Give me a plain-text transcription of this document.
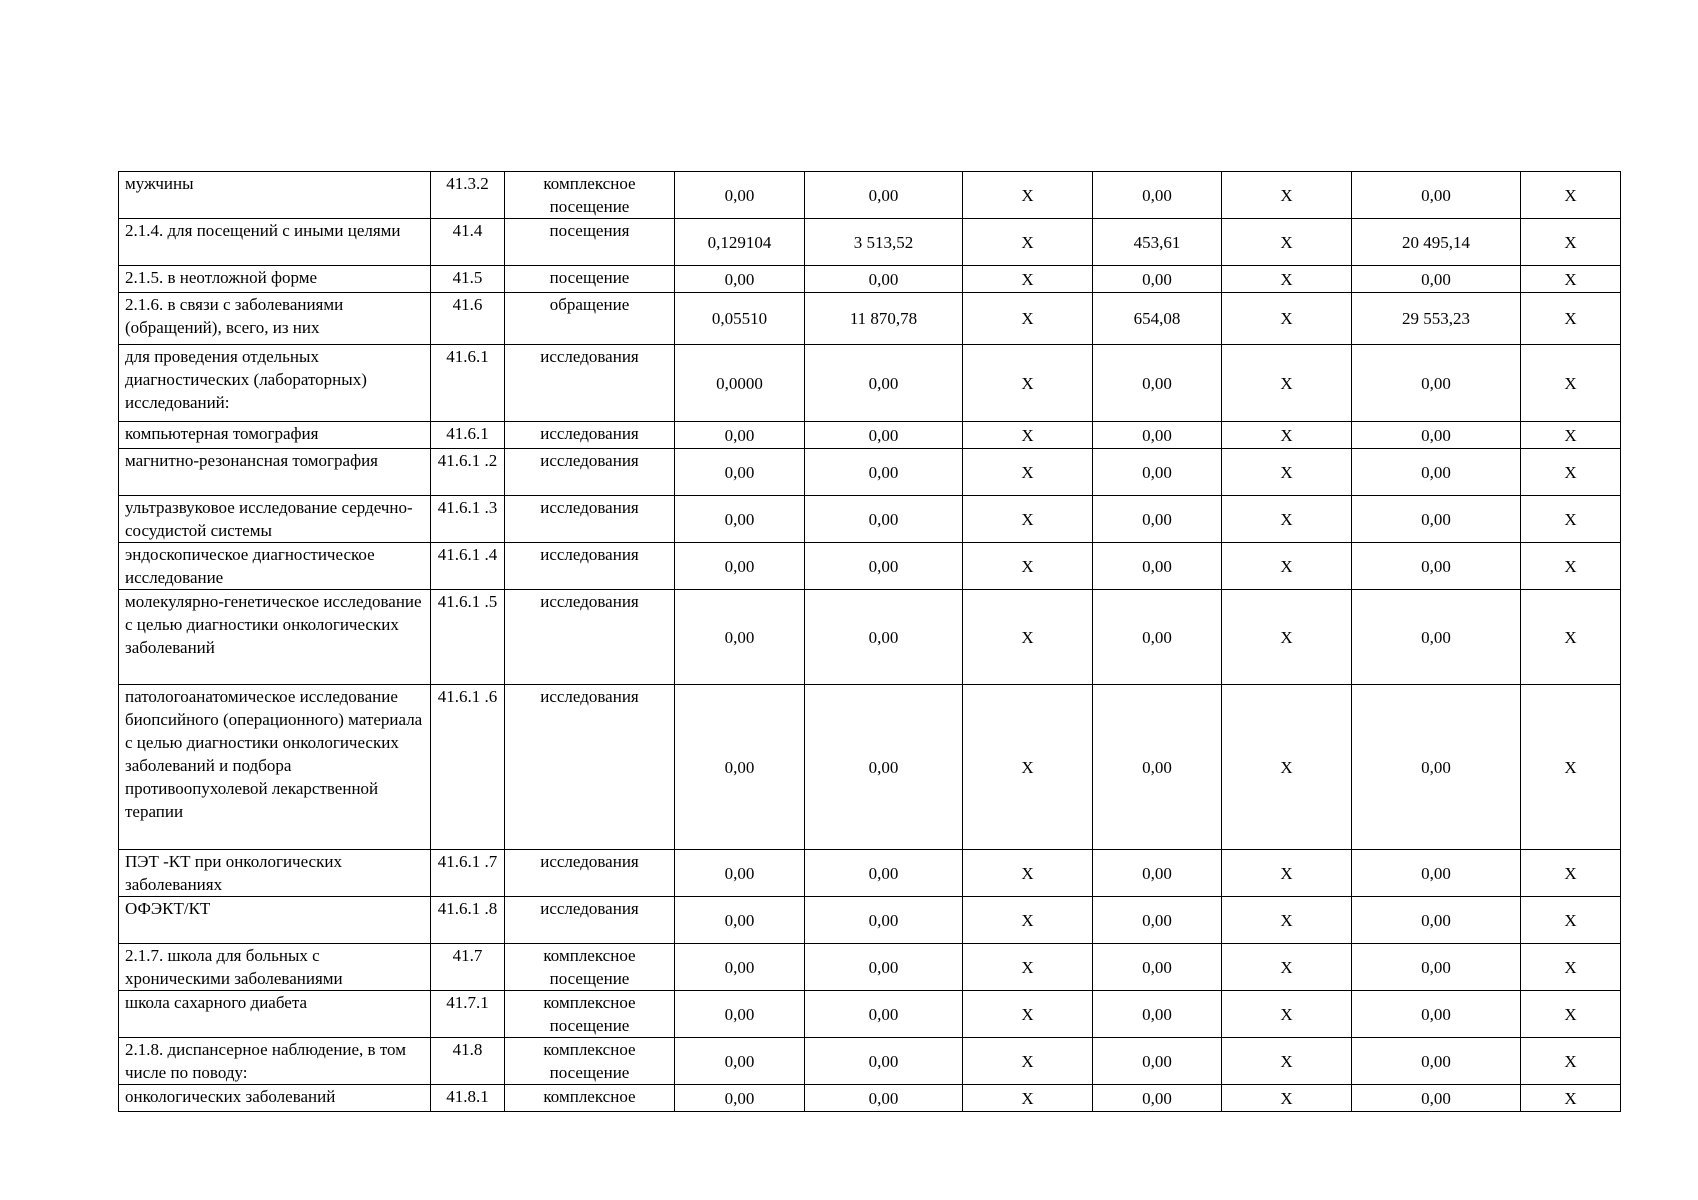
мужчины	41.3.2	комплексное посещение	0,00	0,00	X	0,00	X	0,00	X
2.1.4. для посещений с иными целями	41.4	посещения	0,129104	3 513,52	X	453,61	X	20 495,14	X
2.1.5. в неотложной форме	41.5	посещение	0,00	0,00	X	0,00	X	0,00	X
2.1.6. в связи с заболеваниями (обращений), всего, из них	41.6	обращение	0,05510	11 870,78	X	654,08	X	29 553,23	X
для проведения отдельных диагностических (лабораторных) исследований:	41.6.1	исследования	0,0000	0,00	X	0,00	X	0,00	X
компьютерная томография	41.6.1	исследования	0,00	0,00	X	0,00	X	0,00	X
магнитно-резонансная томография	41.6.1 .2	исследования	0,00	0,00	X	0,00	X	0,00	X
ультразвуковое исследование сердечно-сосудистой системы	41.6.1 .3	исследования	0,00	0,00	X	0,00	X	0,00	X
эндоскопическое диагностическое исследование	41.6.1 .4	исследования	0,00	0,00	X	0,00	X	0,00	X
молекулярно-генетическое исследование с целью диагностики онкологических заболеваний	41.6.1 .5	исследования	0,00	0,00	X	0,00	X	0,00	X
патологоанатомическое исследование биопсийного (операционного) материала с целью диагностики онкологических заболеваний и подбора противоопухолевой лекарственной терапии	41.6.1 .6	исследования	0,00	0,00	X	0,00	X	0,00	X
ПЭТ -КТ при онкологических заболеваниях	41.6.1 .7	исследования	0,00	0,00	X	0,00	X	0,00	X
ОФЭКТ/КТ	41.6.1 .8	исследования	0,00	0,00	X	0,00	X	0,00	X
2.1.7. школа для больных с хроническими заболеваниями	41.7	комплексное посещение	0,00	0,00	X	0,00	X	0,00	X
школа сахарного диабета	41.7.1	комплексное посещение	0,00	0,00	X	0,00	X	0,00	X
2.1.8. диспансерное наблюдение, в том числе по поводу:	41.8	комплексное посещение	0,00	0,00	X	0,00	X	0,00	X
онкологических заболеваний	41.8.1	комплексное	0,00	0,00	X	0,00	X	0,00	X
